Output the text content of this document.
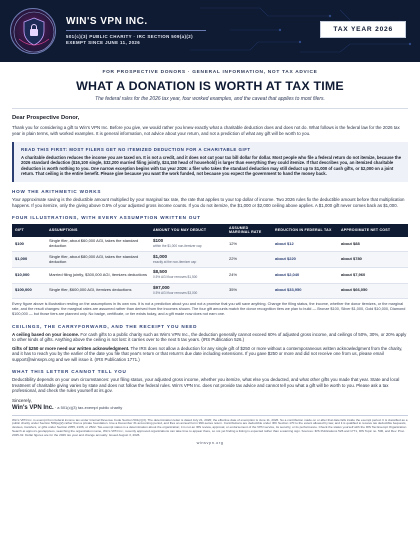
WIN'S VPN INC.
501(c)(3) PUBLIC CHARITY · IRC SECTION 509(a)(2)
EXEMPT SINCE JUNE 11, 2026
TAX YEAR 2026
FOR PROSPECTIVE DONORS · GENERAL INFORMATION, NOT TAX ADVICE
WHAT A DONATION IS WORTH AT TAX TIME
The federal rules for the 2026 tax year, four worked examples, and the caveat that applies to most filers.
Dear Prospective Donor,

Thank you for considering a gift to Win's VPN Inc. Before you give, we would rather you knew exactly what a charitable deduction does and does not do. What follows is the federal law for the 2026 tax year in plain terms, with worked examples. It is general information, not advice about your return, and not a prediction of what any gift will be worth to you.

READ THIS FIRST: MOST FILERS GET NO ITEMIZED DEDUCTION FOR A CHARITABLE GIFT
A charitable deduction reduces the income you are taxed on. It is not a credit, and it does not cut your tax bill dollar for dollar. Most people who file a federal return do not itemize, because the 2026 standard deduction ($16,100 single, $32,200 married filing jointly, $24,150 head of household) is larger than everything they could itemize. If that describes you, an itemized charitable deduction is worth nothing to you. One narrow exception begins with tax year 2026: a filer who takes the standard deduction may still deduct up to $1,000 of cash gifts, or $2,000 on a joint return. That ceiling is the entire benefit. Please give because you want the work funded, not because you expect the government to hand the money back.
HOW THE ARITHMETIC WORKS

Your approximate saving is the deductible amount multiplied by your marginal tax rate, the rate that applies to your top dollar of income. Two 2026 rules fix the deductible amount before that multiplication happens. If you itemize, only the giving above 0.5% of your adjusted gross income counts. If you do not itemize, the $1,000 or $2,000 ceiling above applies. A $1,000 gift never comes back as $1,000.

FOUR ILLUSTRATIONS, WITH EVERY ASSUMPTION WRITTEN OUT
GIFT	ASSUMPTIONS	AMOUNT YOU MAY DEDUCT	ASSUMED MARGINAL RATE	REDUCTION IN FEDERAL TAX	APPROXIMATE NET COST
$100	Single filer, about $60,000 AGI, takes the standard deduction	$100
within the $1,000 non-itemizer cap	12%	about $12	about $88
$1,000	Single filer, about $80,000 AGI, takes the standard deduction	$1,000
exactly at the non-itemizer cap	22%	about $220	about $780
$10,000	Married filing jointly, $300,000 AGI, itemizes deductions	$8,500
0.5% AGI floor removes $1,500	24%	about $2,040	about $7,960
$100,000	Single filer, $600,000 AGI, itemizes deductions	$97,000
0.5% AGI floor removes $3,000	35%	about $33,950	about $66,050

Every figure above is illustration resting on the assumptions in its own row. It is not a prediction about you and not a promise that you will save anything. Change the filing status, the income, whether the donor itemizes, or the marginal rate, and the result changes: the marginal rates are assumed rather than derived from the incomes shown. The four gift amounts match the donor recognition tiers we plan to build — Bronze $100, Silver $1,000, Gold $10,000, Diamond $100,000 — but those tiers are planned only. No badge, certificate, or tier exists today, and a gift made now does not earn one.

CEILINGS, THE CARRYFORWARD, AND THE RECEIPT YOU NEED

A ceiling based on your income. For cash gifts to a public charity such as Win's VPN Inc., the deduction generally cannot exceed 60% of adjusted gross income, and ceilings of 50%, 30%, or 20% apply to other kinds of gifts. Anything above the ceiling is not lost: it carries over to the next 5 tax years. (IRS Publication 526.)

Gifts of $250 or more need our written acknowledgment. The IRS does not allow a deduction for any single gift of $250 or more without a contemporaneous written acknowledgment from the charity, and it has to reach you by the earlier of the date you file that year's return or that return's due date including extensions. If you gave $250 or more and did not receive one from us, please email support@winsvpn.org and we will issue it. (IRS Publication 1771.)

WHAT THIS LETTER CANNOT TELL YOU

Deductibility depends on your own circumstances: your filing status, your adjusted gross income, whether you itemize, what else you deducted, and what other gifts you made that year. State and local treatment of charitable giving varies by state and does not follow the federal rules. Win's VPN Inc. does not provide tax advice and cannot tell you what a gift will be worth to you. Please ask a tax professional, and check the rules yourself at irs.gov.

Sincerely,
Win's VPN Inc. · a 501(c)(3) tax-exempt public charity
Win's VPN Inc. is exempt from federal income tax under Internal Revenue Code Section 501(c)(3). The determination letter is dated July 21, 2026; the effective date of exemption is June 11, 2026. So a contribution made on or after that date falls inside the exempt period. It is classified as a public charity under Section 509(a)(2) rather than a private foundation. Use a December 31 accounting period, and files an annual Form 990-series return. Contributions are deductible under IRC Section 170 to the extent allowed by law, and it is qualified to receive tax deductible bequests, devises, transfers, or gifts under Section 2055, 2106, or 2522. Tax-exempt status is a determination about the organization; it is not an IRS review, approval, or endorsement of the VPN service, its security, or its performance. Check the status yourself with the IRS Tax Exempt Organization Search at apps.irs.gov/app/eos, searching the organization name, Win's VPN Inc.; recently approved organizations can take time to appear there, so not yet finding a listing is expected rather than a warning sign. Sources: IRS Publications 526 and 1771, IRS Topic no. 506, and Rev. Proc. 2025-32. Dollar figures are for the 2026 tax year and change annually. Issued August 3, 2026.
winsvpn.org
